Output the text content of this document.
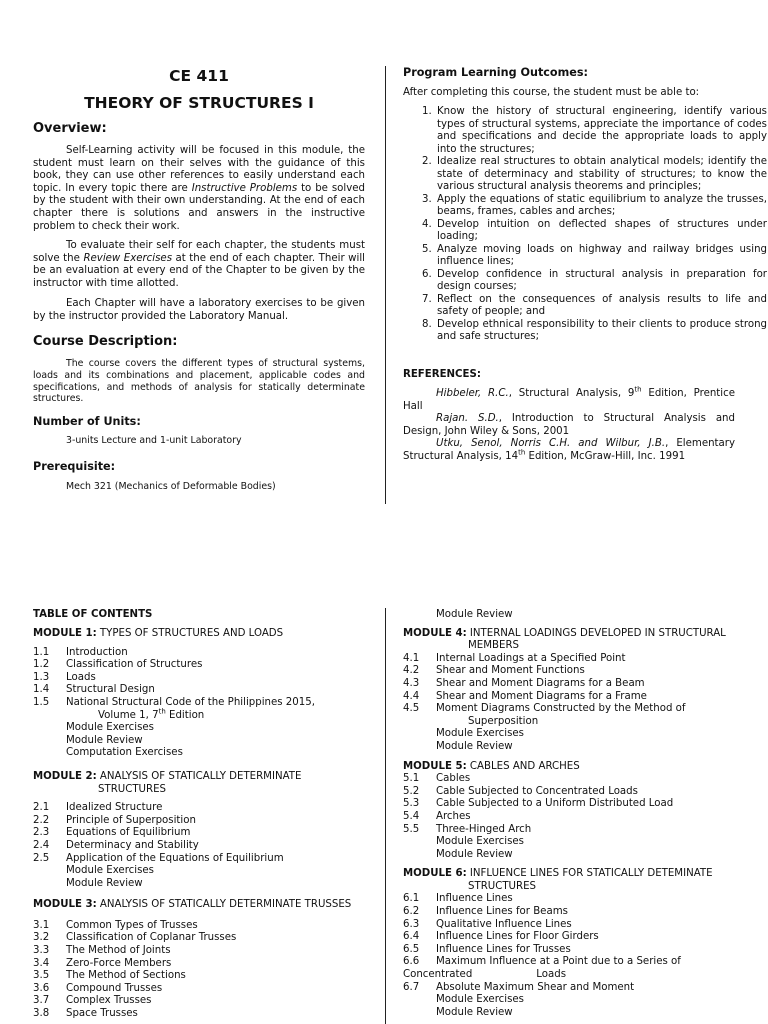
CE 411
THEORY OF STRUCTURES I
Overview:
Self-Learning activity will be focused in this module, the student must learn on their selves with the guidance of this book, they can use other references to easily understand each topic. In every topic there are Instructive Problems to be solved by the student with their own understanding. At the end of each chapter there is solutions and answers in the instructive problem to check their work.
To evaluate their self for each chapter, the students must solve the Review Exercises at the end of each chapter. Their will be an evaluation at every end of the Chapter to be given by the instructor with time allotted.
Each Chapter will have a laboratory exercises to be given by the instructor provided the Laboratory Manual.
Course Description:
The course covers the different types of structural systems, loads and its combinations and placement, applicable codes and specifications, and methods of analysis for statically determinate structures.
Number of Units:
3-units Lecture and 1-unit Laboratory
Prerequisite:
Mech 321 (Mechanics of Deformable Bodies)
Program Learning Outcomes:
After completing this course, the student must be able to:
1. Know the history of structural engineering, identify various types of structural systems, appreciate the importance of codes and specifications and decide the appropriate loads to apply into the structures;
2. Idealize real structures to obtain analytical models; identify the state of determinacy and stability of structures; to know the various structural analysis theorems and principles;
3. Apply the equations of static equilibrium to analyze the trusses, beams, frames, cables and arches;
4. Develop intuition on deflected shapes of structures under loading;
5. Analyze moving loads on highway and railway bridges using influence lines;
6. Develop confidence in structural analysis in preparation for design courses;
7. Reflect on the consequences of analysis results to life and safety of people; and
8. Develop ethnical responsibility to their clients to produce strong and safe structures;
REFERENCES:

Hibbeler, R.C., Structural Analysis, 9th Edition, Prentice Hall

Rajan. S.D., Introduction to Structural Analysis and Design, John Wiley & Sons, 2001

Utku, Senol, Norris C.H. and Wilbur, J.B., Elementary Structural Analysis, 14th Edition, McGraw-Hill, Inc. 1991

TABLE OF CONTENTS
MODULE 1: TYPES OF STRUCTURES AND LOADS
1.1 Introduction
1.2 Classification of Structures
1.3 Loads
1.4 Structural Design
1.5 National Structural Code of the Philippines 2015,
Volume 1, 7th Edition
Module Exercises
Module Review
Computation Exercises
MODULE 2: ANALYSIS OF STATICALLY DETERMINATE
STRUCTURES
2.1 Idealized Structure
2.2 Principle of Superposition
2.3 Equations of Equilibrium
2.4 Determinacy and Stability
2.5 Application of the Equations of Equilibrium
Module Exercises
Module Review
MODULE 3: ANALYSIS OF STATICALLY DETERMINATE TRUSSES
3.1 Common Types of Trusses
3.2 Classification of Coplanar Trusses
3.3 The Method of Joints
3.4 Zero-Force Members
3.5 The Method of Sections
3.6 Compound Trusses
3.7 Complex Trusses
3.8 Space Trusses
Module Review
MODULE 4: INTERNAL LOADINGS DEVELOPED IN STRUCTURAL
MEMBERS
4.1 Internal Loadings at a Specified Point
4.2 Shear and Moment Functions
4.3 Shear and Moment Diagrams for a Beam
4.4 Shear and Moment Diagrams for a Frame
4.5 Moment Diagrams Constructed by the Method of
Superposition
Module Exercises
Module Review
MODULE 5: CABLES AND ARCHES
5.1 Cables
5.2 Cable Subjected to Concentrated Loads
5.3 Cable Subjected to a Uniform Distributed Load
5.4 Arches
5.5 Three-Hinged Arch
Module Exercises
Module Review
MODULE 6: INFLUENCE LINES FOR STATICALLY DETEMINATE
STRUCTURES
6.1 Influence Lines
6.2 Influence Lines for Beams
6.3 Qualitative Influence Lines
6.4 Influence Lines for Floor Girders
6.5 Influence Lines for Trusses
6.6 Maximum Influence at a Point due to a Series of
Concentrated	Loads
6.7 Absolute Maximum Shear and Moment
Module Exercises
Module Review
